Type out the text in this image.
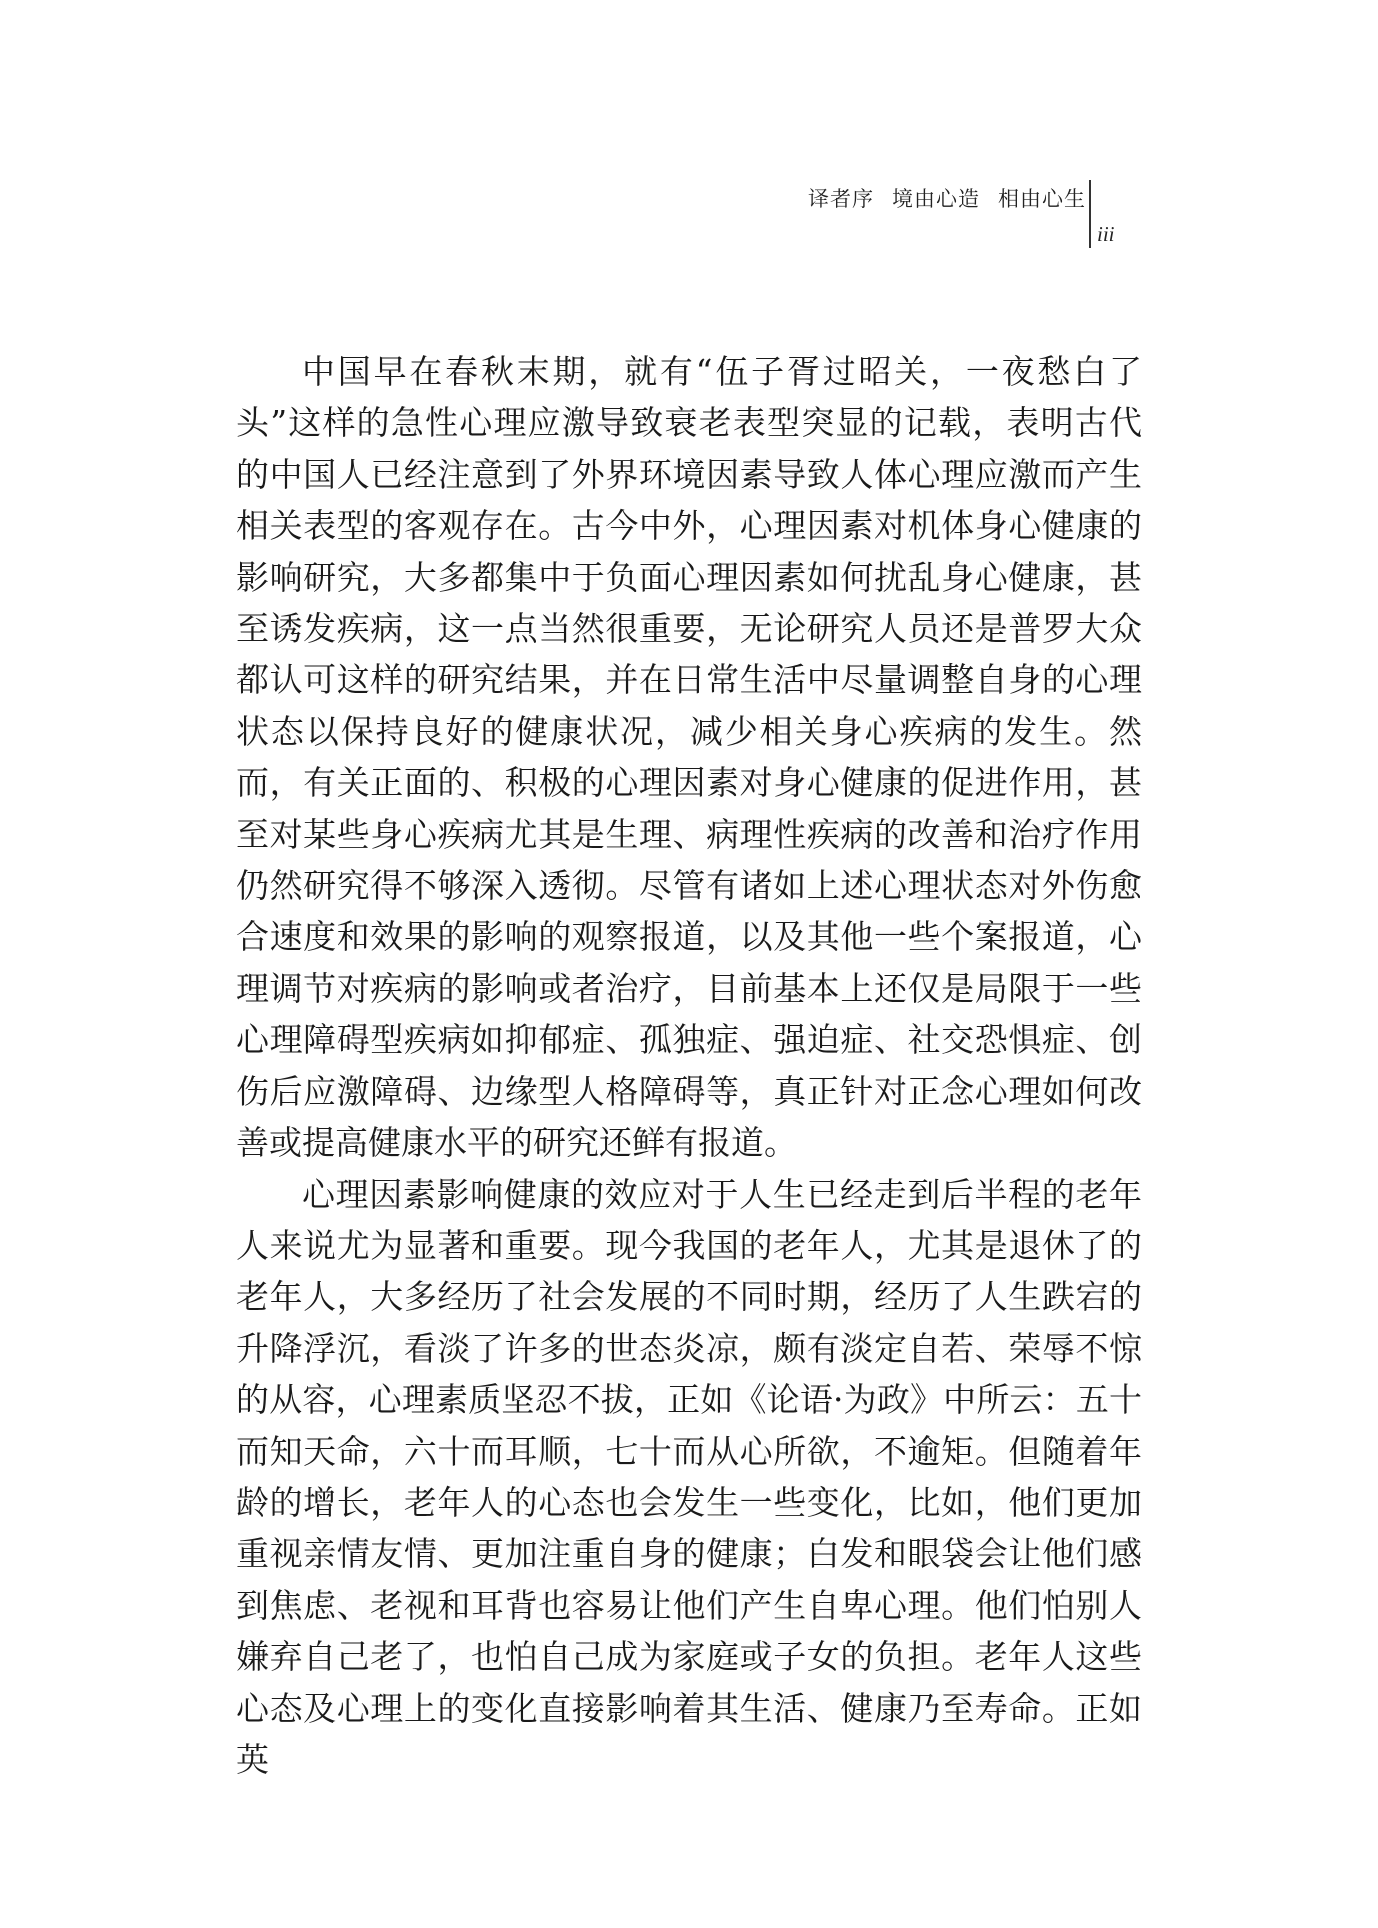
译者序 境由心造 相由心生
iii

中国早在春秋末期，就有“伍子胥过昭关，一夜愁白了头”这样的急性心理应激导致衰老表型突显的记载，表明古代的中国人已经注意到了外界环境因素导致人体心理应激而产生相关表型的客观存在。古今中外，心理因素对机体身心健康的影响研究，大多都集中于负面心理因素如何扰乱身心健康，甚至诱发疾病，这一点当然很重要，无论研究人员还是普罗大众都认可这样的研究结果，并在日常生活中尽量调整自身的心理状态以保持良好的健康状况，减少相关身心疾病的发生。然而，有关正面的、积极的心理因素对身心健康的促进作用，甚至对某些身心疾病尤其是生理、病理性疾病的改善和治疗作用仍然研究得不够深入透彻。尽管有诸如上述心理状态对外伤愈合速度和效果的影响的观察报道，以及其他一些个案报道，心理调节对疾病的影响或者治疗，目前基本上还仅是局限于一些心理障碍型疾病如抑郁症、孤独症、强迫症、社交恐惧症、创伤后应激障碍、边缘型人格障碍等，真正针对正念心理如何改善或提高健康水平的研究还鲜有报道。

心理因素影响健康的效应对于人生已经走到后半程的老年人来说尤为显著和重要。现今我国的老年人，尤其是退休了的老年人，大多经历了社会发展的不同时期，经历了人生跌宕的升降浮沉，看淡了许多的世态炎凉，颇有淡定自若、荣辱不惊的从容，心理素质坚忍不拔，正如《论语·为政》中所云：五十而知天命，六十而耳顺，七十而从心所欲，不逾矩。但随着年龄的增长，老年人的心态也会发生一些变化，比如，他们更加重视亲情友情、更加注重自身的健康；白发和眼袋会让他们感到焦虑、老视和耳背也容易让他们产生自卑心理。他们怕别人嫌弃自己老了，也怕自己成为家庭或子女的负担。老年人这些心态及心理上的变化直接影响着其生活、健康乃至寿命。正如英
